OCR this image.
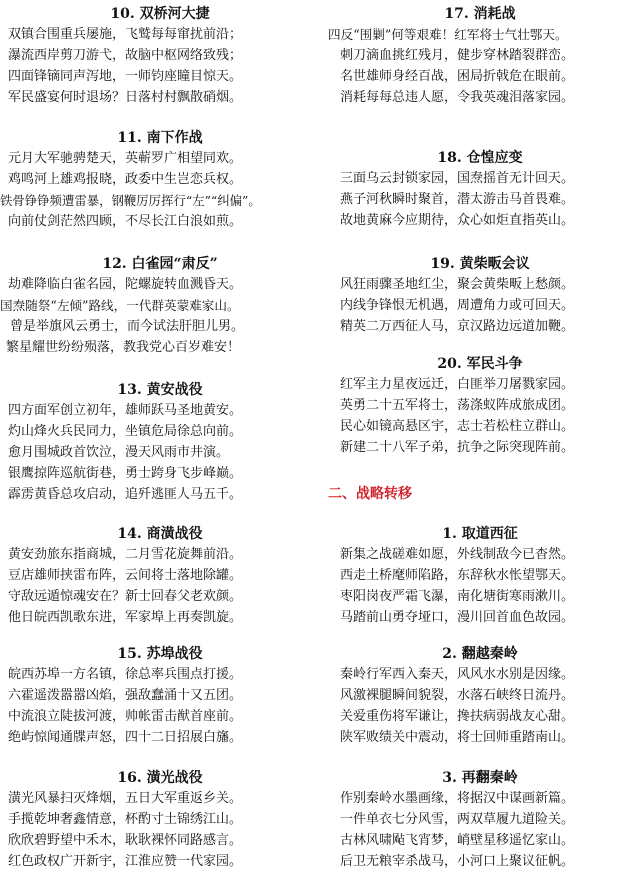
10. 双桥河大捷
双镇合围重兵屡施，飞鹫每每窜扰前沿；
瀑流西岸剪刀游弋，故脑中枢网络致残；
四面锋镝同声泻地，一师钧座瞳目惊天。
军民盛宴何时退场？日落村村飘散硝烟。
11. 南下作战
元月大军驰骋楚天，英蕲罗广相望同欢。
鸡鸣河上雄鸡报晓，政委中生岂恋兵权。
铁骨铮铮频遭雷暴，钢鞭厉厉挥行“左”“纠偏”。
向前仗剑茫然四顾，不尽长江白浪如煎。
12. 白雀园“肃反”
劫难降临白雀名园，陀螺旋转血溅昏天。
国焘随祭“左倾”路线，一代群英蒙难家山。
曾是举旗风云勇士，而今试法肝胆儿男。
繁星耀世纷纷殒落，教我党心百岁难安！
13. 黄安战役
四方面军创立初年，雄师跃马圣地黄安。
灼山烽火兵民同力，坐镇危局徐总向前。
愈月围城政首饮泣，漫天风雨市井演。
银鹰掠阵巡航街巷，勇士跨身飞步峰巅。
霹雳黄昏总攻启动，追歼逃匪人马五千。
14. 商潢战役
黄安劲旅东指商城，二月雪花旋舞前沿。
豆店雄师挟雷布阵，云间将士落地除罐。
守敌远遁惊魂安在？新士回春父老欢颜。
他日皖西凯歌东进，军家埠上再奏凯旋。
15. 苏埠战役
皖西苏埠一方名镇，徐总率兵围点打援。
六霍遥泼嚣嚣凶焰，强敌蠢涌十又五团。
中流浪立陡拔河渡，帅帐雷击猷首座前。
绝屿惊闻通牒声怒，四十二日招展白旛。
16. 潢光战役
潢光风暴扫灭烽烟，五日大军重返乡关。
手揽乾坤奢鑫情意，杯酌寸土锦绣江山。
欣欣碧野望中禾木，耿耿裸怀同路感言。
红色政权广开新宇，江淮应赞一代家园。
17. 消耗战
四反“围剿”何等艰难！红军将士气壮鄂天。
刺刀滴血挑红残月，健步穿林踏裂群峦。
名世雄师身经百战，困局折戟危在眼前。
消耗每每总违人愿，令我英魂泪落家园。
18. 仓惶应变
三面乌云封锁家园，国焘摇首无计回天。
燕子河秋瞬时聚首，潜太游击马首畏难。
故地黄麻今应期待，众心如炬直指英山。
19. 黄柴畈会议
风狂雨骤圣地红尘，聚会黄柴畈上愁颜。
内线争锋恨无机遇，周遭角力或可回天。
精英二万西征人马，京汉路边远道加鞭。
20. 军民斗争
红军主力星夜远迁，白匪举刀屠戮家园。
英勇二十五军将士，荡涤蚁阵成旅成团。
民心如镜高悬区宇，志士若松柱立群山。
新建二十八军子弟，抗争之际突现阵前。
二、战略转移
1. 取道西征
新集之战磋难如愿，外线制敌今已杳然。
西走土桥麾师陷路，东辞秋水怅望鄂天。
枣阳岗夜严霜飞瀑，南化塘街寒雨漱川。
马踏前山勇夺垭口，漫川回首血色故园。
2. 翻越秦岭
秦岭行军西入秦天，风风水水别是因缘。
风激裸腿瞬间貌裂，水落石峡终日流丹。
关爱重伤将军谦让，搀扶病弱战友心甜。
陕军败绩关中震动，将士回师重踏南山。
3. 再翻秦岭
作别秦岭水墨画缘，将据汉中谋画新篇。
一件单衣七分风雪，两双草履九道险关。
古林风啸飐飞宵梦，峭壁星移遥忆家山。
后卫无粮宰杀战马，小河口上聚议征帆。
